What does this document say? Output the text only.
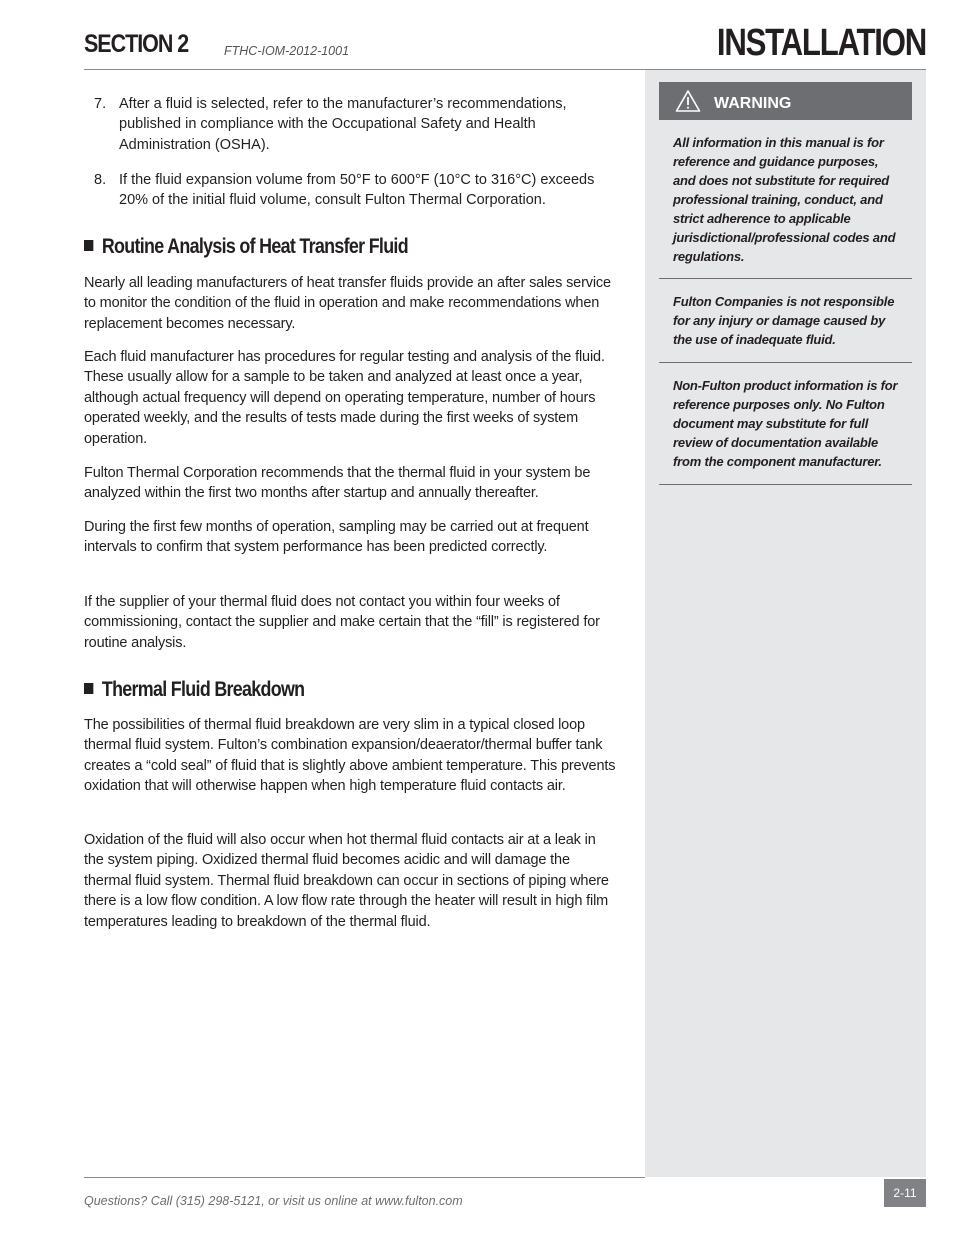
SECTION 2	FTHC-IOM-2012-1001	INSTALLATION
WARNING
All information in this manual is for reference and guidance purposes, and does not substitute for required professional training, conduct, and strict adherence to applicable jurisdictional/professional codes and regulations.
Fulton Companies is not responsible for any injury or damage caused by the use of inadequate fluid.
Non-Fulton product information is for reference purposes only. No Fulton document may substitute for full review of documentation available from the component manufacturer.
7. After a fluid is selected, refer to the manufacturer’s recommendations, published in compliance with the Occupational Safety and Health Administration (OSHA).
8. If the fluid expansion volume from 50°F to 600°F (10°C to 316°C) exceeds 20% of the initial fluid volume, consult Fulton Thermal Corporation.
Routine Analysis of Heat Transfer Fluid
Nearly all leading manufacturers of heat transfer fluids provide an after sales service to monitor the condition of the fluid in operation and make recommendations when replacement becomes necessary.
Each fluid manufacturer has procedures for regular testing and analysis of the fluid. These usually allow for a sample to be taken and analyzed at least once a year, although actual frequency will depend on operating temperature, number of hours operated weekly, and the results of tests made during the first weeks of system operation.
Fulton Thermal Corporation recommends that the thermal fluid in your system be analyzed within the first two months after startup and annually thereafter.
During the first few months of operation, sampling may be carried out at frequent intervals to confirm that system performance has been predicted correctly.
If the supplier of your thermal fluid does not contact you within four weeks of commissioning, contact the supplier and make certain that the “fill” is registered for routine analysis.
Thermal Fluid Breakdown
The possibilities of thermal fluid breakdown are very slim in a typical closed loop thermal fluid system. Fulton’s combination expansion/deaerator/thermal buffer tank creates a “cold seal” of fluid that is slightly above ambient temperature. This prevents oxidation that will otherwise happen when high temperature fluid contacts air.
Oxidation of the fluid will also occur when hot thermal fluid contacts air at a leak in the system piping. Oxidized thermal fluid becomes acidic and will damage the thermal fluid system. Thermal fluid breakdown can occur in sections of piping where there is a low flow condition. A low flow rate through the heater will result in high film temperatures leading to breakdown of the thermal fluid.
Questions? Call (315) 298-5121, or visit us online at www.fulton.com
2-11
